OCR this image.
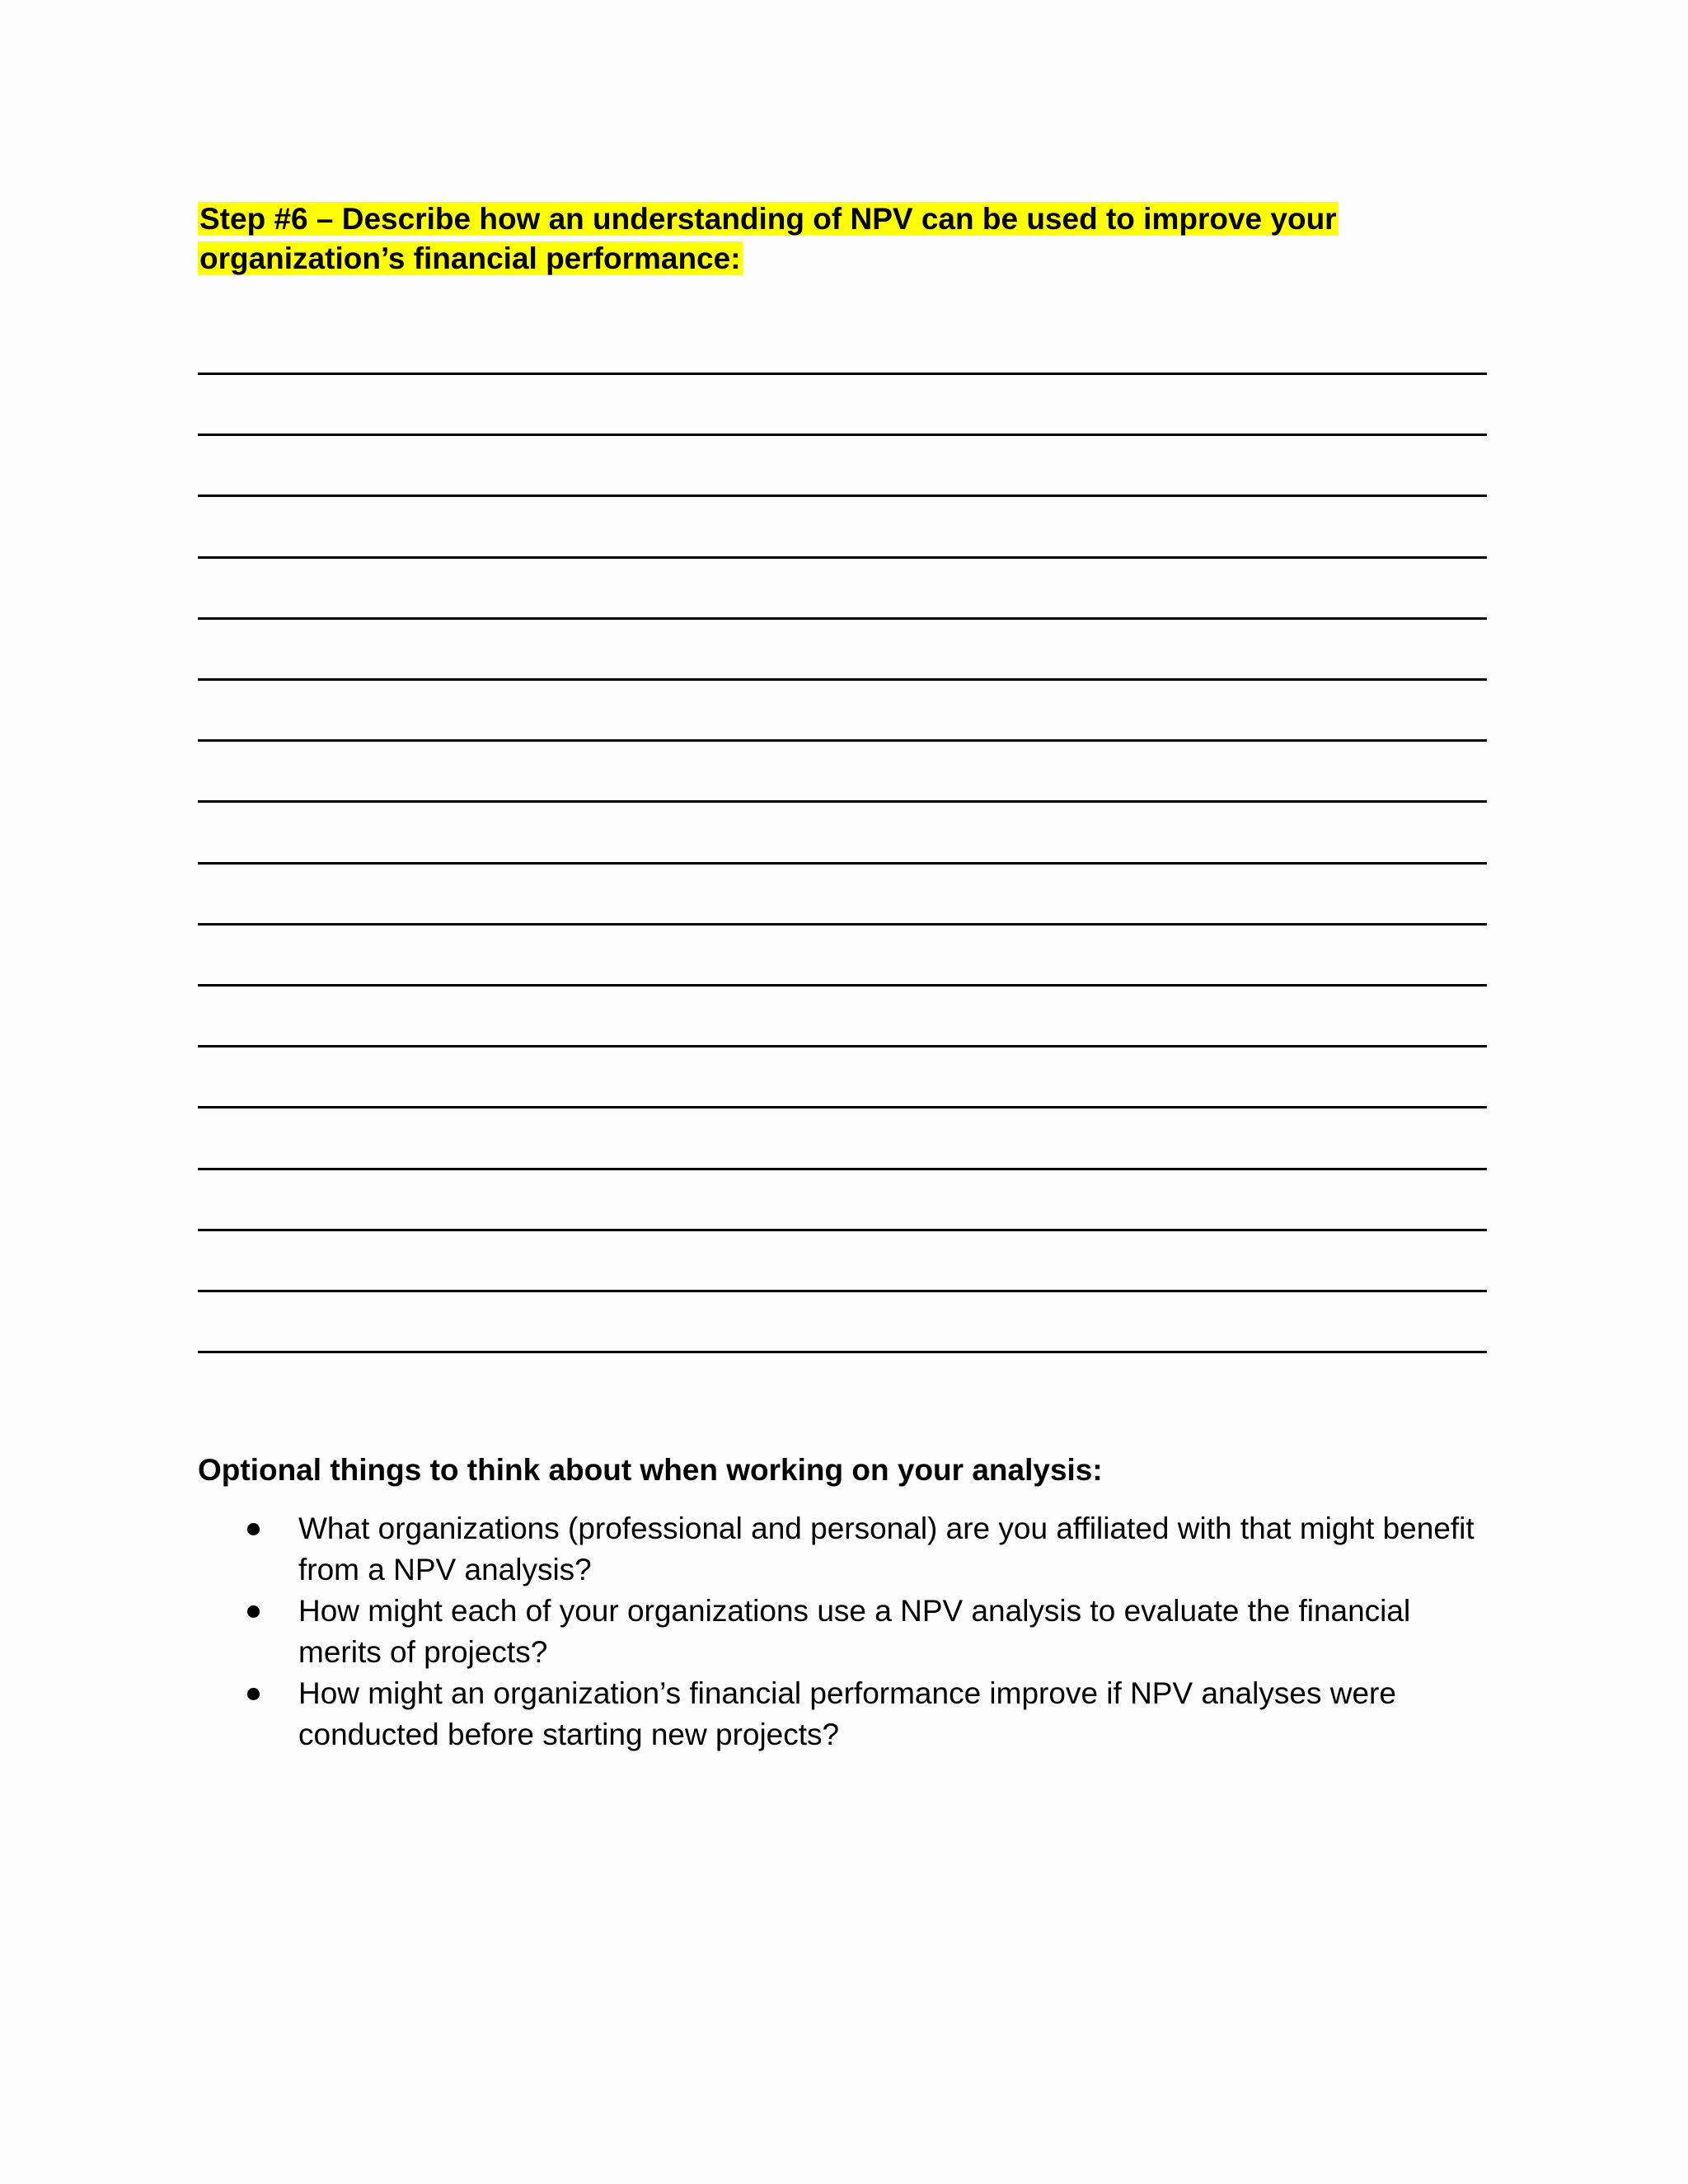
Step #6 – Describe how an understanding of NPV can be used to improve your organization’s financial performance:
Optional things to think about when working on your analysis:
What organizations (professional and personal) are you affiliated with that might benefit from a NPV analysis?
How might each of your organizations use a NPV analysis to evaluate the financial merits of projects?
How might an organization’s financial performance improve if NPV analyses were conducted before starting new projects?
